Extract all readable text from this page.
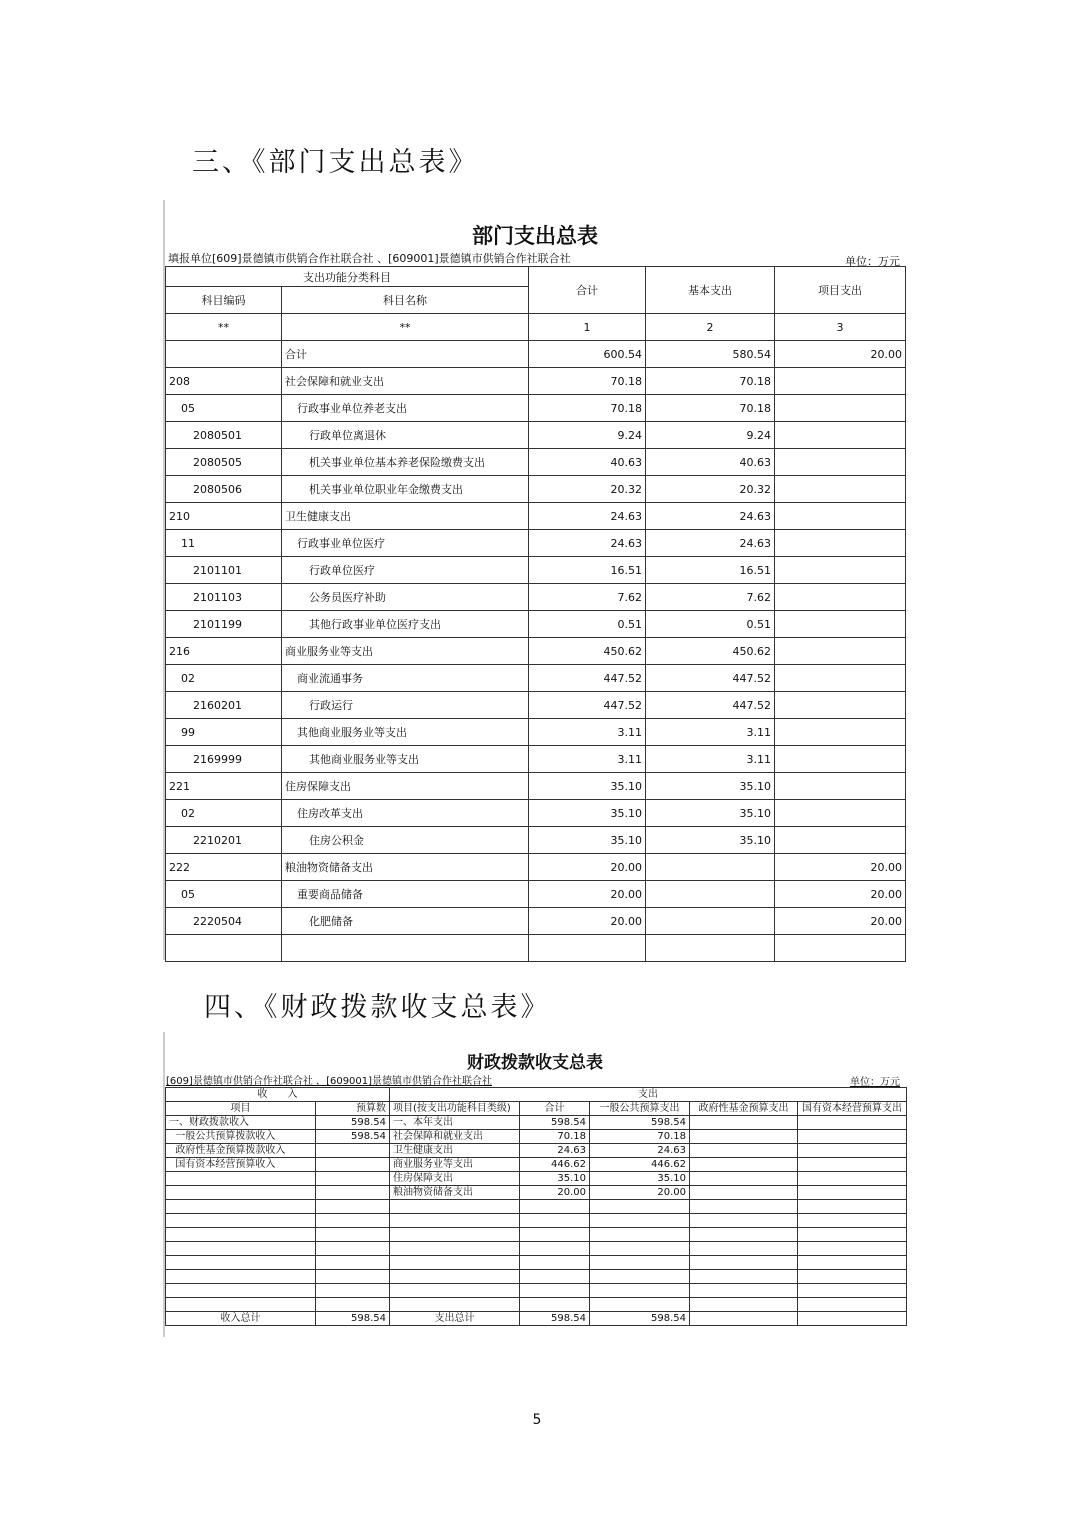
三、《部门支出总表》
部门支出总表
填报单位[609]景德镇市供销合作社联合社 、[609001]景德镇市供销合作社联合社	单位：万元
支出功能分类科目		合计	基本支出	项目支出
科目编码	科目名称			
**	**	1	2	3
	合计	600.54	580.54	20.00
208	社会保障和就业支出	70.18	70.18	
05	行政事业单位养老支出	70.18	70.18	
2080501	行政单位离退休	9.24	9.24	
2080505	机关事业单位基本养老保险缴费支出	40.63	40.63	
2080506	机关事业单位职业年金缴费支出	20.32	20.32	
210	卫生健康支出	24.63	24.63	
11	行政事业单位医疗	24.63	24.63	
2101101	行政单位医疗	16.51	16.51	
2101103	公务员医疗补助	7.62	7.62	
2101199	其他行政事业单位医疗支出	0.51	0.51	
216	商业服务业等支出	450.62	450.62	
02	商业流通事务	447.52	447.52	
2160201	行政运行	447.52	447.52	
99	其他商业服务业等支出	3.11	3.11	
2169999	其他商业服务业等支出	3.11	3.11	
221	住房保障支出	35.10	35.10	
02	住房改革支出	35.10	35.10	
2210201	住房公积金	35.10	35.10	
222	粮油物资储备支出	20.00		20.00
05	重要商品储备	20.00		20.00
2220504	化肥储备	20.00		20.00

四、《财政拨款收支总表》
财政拨款收支总表
[609]景德镇市供销合作社联合社 ，[609001]景德镇市供销合作社联合社	单位：万元
收　　入		支出				
项目	预算数	项目(按支出功能科目类级)	合计	一般公共预算支出	政府性基金预算支出	国有资本经营预算支出
一、财政拨款收入	598.54	一、本年支出	598.54	598.54		
一般公共预算拨款收入	598.54	社会保障和就业支出	70.18	70.18		
政府性基金预算拨款收入		卫生健康支出	24.63	24.63		
国有资本经营预算收入		商业服务业等支出	446.62	446.62		
		住房保障支出	35.10	35.10		
		粮油物资储备支出	20.00	20.00		

收入总计	598.54	支出总计	598.54	598.54		
5
